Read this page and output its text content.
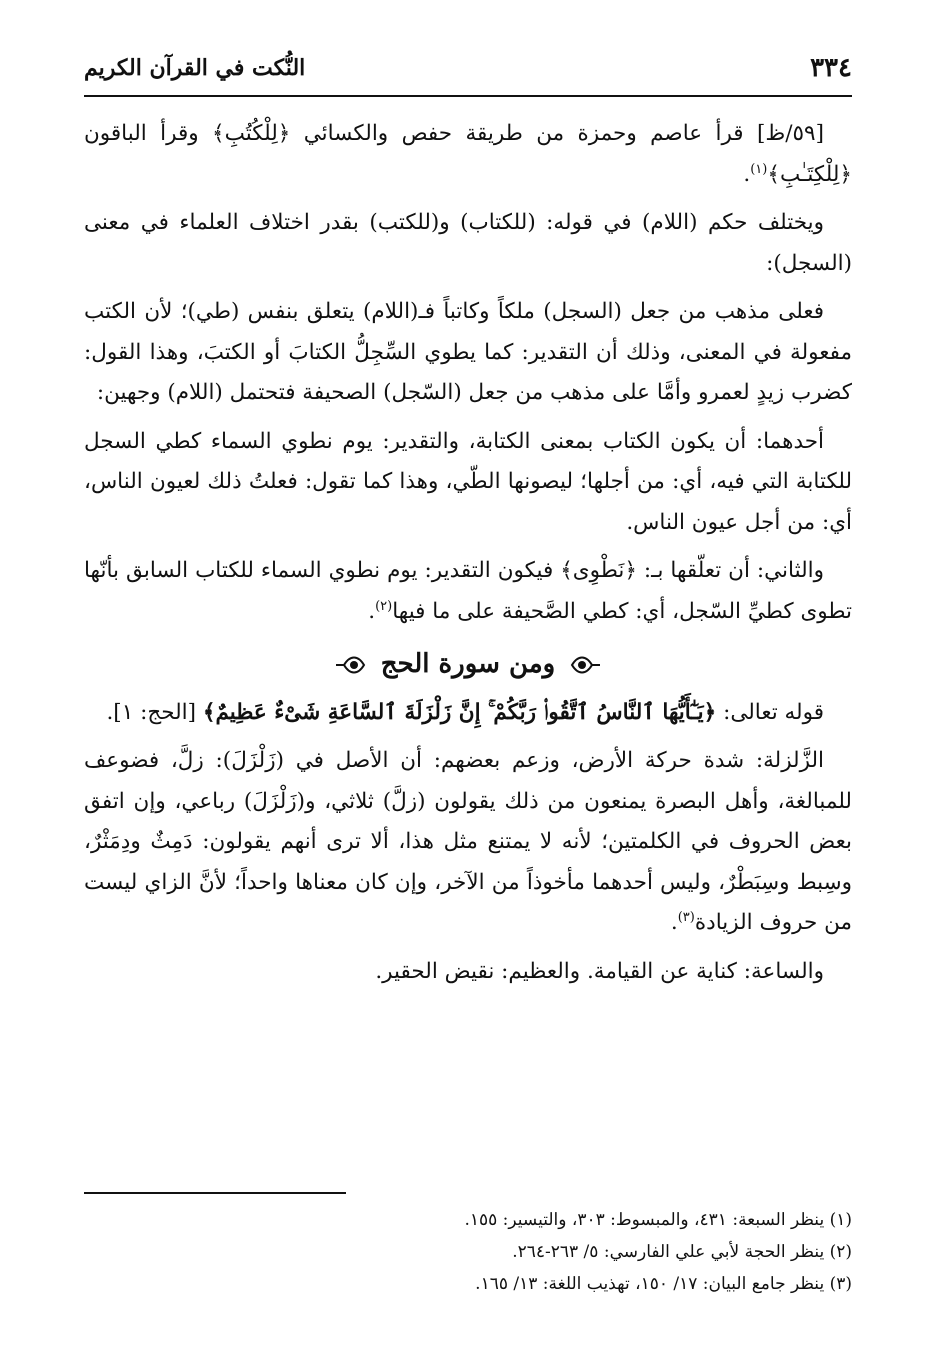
٣٣٤
النُّكت في القرآن الكريم

[٥٩/ظ] قرأ عاصم وحمزة من طريقة حفص والكسائي ﴿لِلْكُتُبِ﴾ وقرأ الباقون ﴿لِلْكِتَـٰبِ﴾$^{(١)}$.

ويختلف حكم (اللام) في قوله: (للكتاب) و(للكتب) بقدر اختلاف العلماء في معنى (السجل):

فعلى مذهب من جعل (السجل) ملكاً وكاتباً فـ(اللام) يتعلق بنفس (طي)؛ لأن الكتب مفعولة في المعنى، وذلك أن التقدير: كما يطوي السِّجِلُّ الكتابَ أو الكتبَ، وهذا القول: كضرب زيدٍ لعمرو وأمَّا على مذهب من جعل (السّجل) الصحيفة فتحتمل (اللام) وجهين:

أحدهما: أن يكون الكتاب بمعنى الكتابة، والتقدير: يوم نطوي السماء كطي السجل للكتابة التي فيه، أي: من أجلها؛ ليصونها الطّي، وهذا كما تقول: فعلتُ ذلك لعيون الناس، أي: من أجل عيون الناس.

والثاني: أن تعلّقها بـ: ﴿نَطْوِى﴾ فيكون التقدير: يوم نطوي السماء للكتاب السابق بأنّها تطوى كطيِّ السّجل، أي: كطي الصَّحيفة على ما فيها$^{(٢)}$.

ومن سورة الحج

قوله تعالى: ﴿يَـٰٓأَيُّهَا ٱلنَّاسُ ٱتَّقُوا۟ رَبَّكُمْ ۚ إِنَّ زَلْزَلَةَ ٱلسَّاعَةِ شَىْءٌ عَظِيمٌ﴾ [الحج: ١].

الزَّلزلة: شدة حركة الأرض، وزعم بعضهم: أن الأصل في (زَلْزَلَ): زلَّ، فضوعف للمبالغة، وأهل البصرة يمنعون من ذلك يقولون (زلَّ) ثلاثي، و(زَلْزَلَ) رباعي، وإن اتفق بعض الحروف في الكلمتين؛ لأنه لا يمتنع مثل هذا، ألا ترى أنهم يقولون: دَمِثٌ ودِمَثْرٌ، وسِبط وسِبَطْرٌ، وليس أحدهما مأخوذاً من الآخر، وإن كان معناها واحداً؛ لأنَّ الزاي ليست من حروف الزيادة$^{(٣)}$.

والساعة: كناية عن القيامة. والعظيم: نقيض الحقير.

(١) ينظر السبعة: ٤٣١، والمبسوط: ٣٠٣، والتيسير: ١٥٥.
(٢) ينظر الحجة لأبي علي الفارسي: ٥/ ٢٦٣-٢٦٤.
(٣) ينظر جامع البيان: ١٧/ ١٥٠، تهذيب اللغة: ١٣/ ١٦٥.
